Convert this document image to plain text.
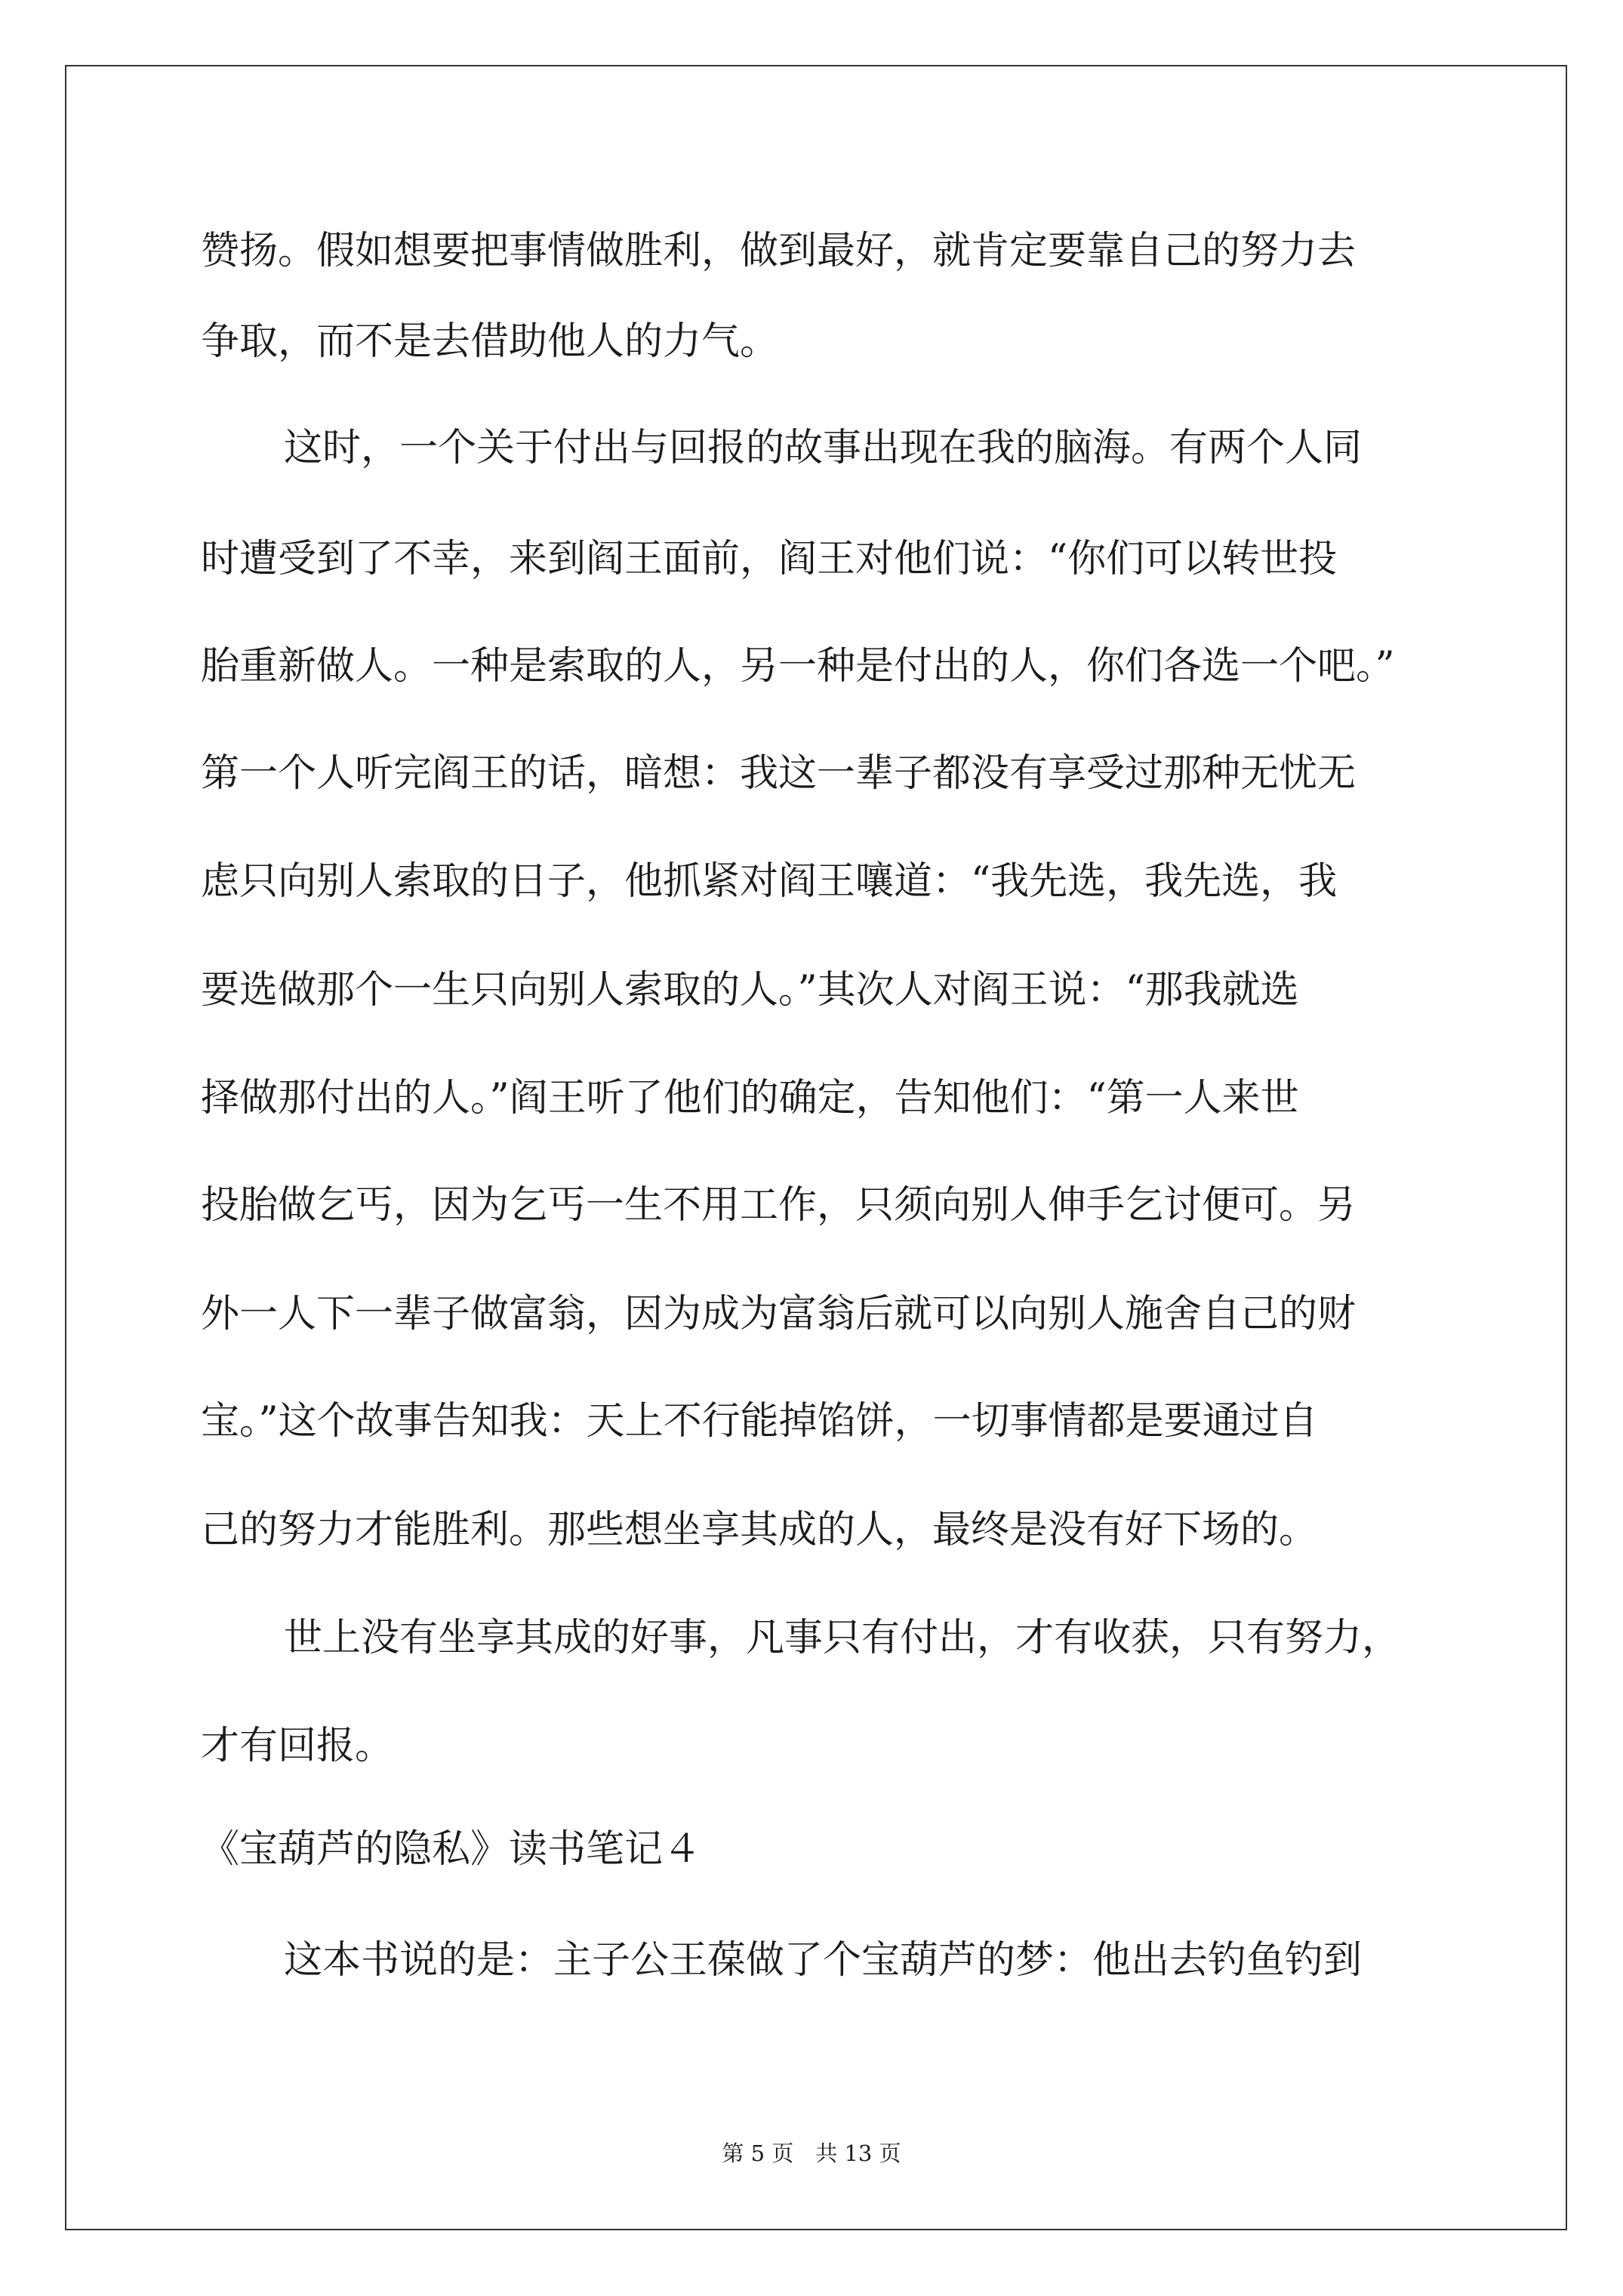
赞扬。假如想要把事情做胜利，做到最好，就肯定要靠自己的努力去

争取，而不是去借助他人的力气。

这时，一个关于付出与回报的故事出现在我的脑海。有两个人同

时遭受到了不幸，来到阎王面前，阎王对他们说：“你们可以转世投

胎重新做人。一种是索取的人，另一种是付出的人，你们各选一个吧。”

第一个人听完阎王的话，暗想：我这一辈子都没有享受过那种无忧无

虑只向别人索取的日子，他抓紧对阎王嚷道：“我先选，我先选，我

要选做那个一生只向别人索取的人。”其次人对阎王说：“那我就选

择做那付出的人。”阎王听了他们的确定，告知他们：“第一人来世

投胎做乞丐，因为乞丐一生不用工作，只须向别人伸手乞讨便可。另

外一人下一辈子做富翁，因为成为富翁后就可以向别人施舍自己的财

宝。”这个故事告知我：天上不行能掉馅饼，一切事情都是要通过自

己的努力才能胜利。那些想坐享其成的人，最终是没有好下场的。

世上没有坐享其成的好事，凡事只有付出，才有收获，只有努力，

才有回报。

《宝葫芦的隐私》读书笔记４

这本书说的是：主子公王葆做了个宝葫芦的梦：他出去钓鱼钓到

第 5 页　共 13 页
